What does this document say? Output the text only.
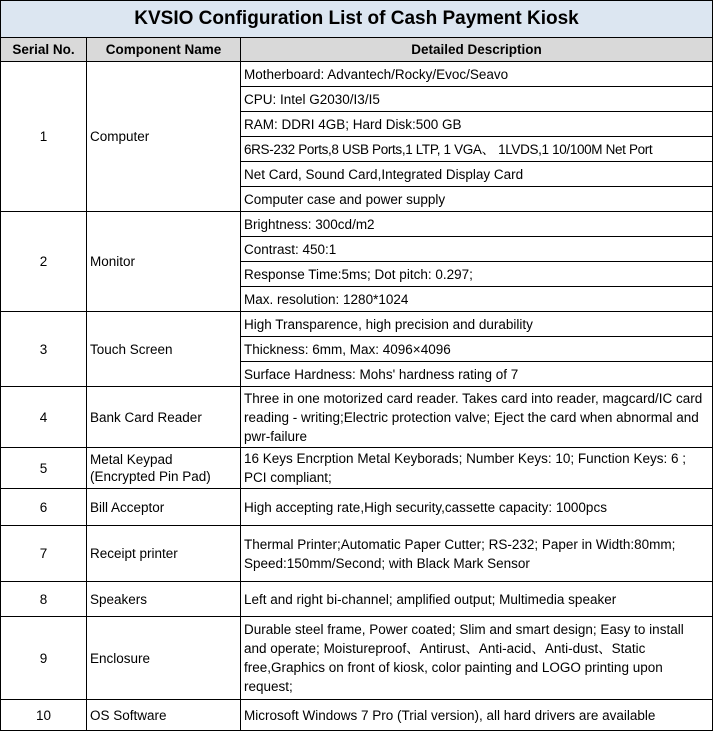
KVSIO Configuration List of Cash Payment Kiosk		
Serial No.	Component Name	Detailed Description
1	Computer	Motherboard: Advantech/Rocky/Evoc/Seavo
		CPU: Intel G2030/I3/I5
		RAM: DDRI 4GB; Hard Disk:500 GB
		6RS-232 Ports,8 USB Ports,1 LTP, 1 VGA、 1LVDS,1 10/100M Net Port
		Net Card, Sound Card,Integrated Display Card
		Computer case and power supply
2	Monitor	Brightness: 300cd/m2
		Contrast: 450:1
		Response Time:5ms; Dot pitch: 0.297;
		Max. resolution: 1280*1024
3	Touch Screen	High Transparence, high precision and durability
		Thickness: 6mm, Max: 4096×4096
		Surface Hardness: Mohs' hardness rating of 7
4	Bank Card Reader	Three in one motorized card reader. Takes card into reader, magcard/IC card reading - writing;Electric protection valve; Eject the card when abnormal and pwr-failure
5	Metal Keypad (Encrypted Pin Pad)	16 Keys Encrption Metal Keyborads; Number Keys: 10; Function Keys: 6 ; PCI compliant;
6	Bill Acceptor	High accepting rate,High security,cassette capacity: 1000pcs
7	Receipt printer	Thermal Printer;Automatic Paper Cutter; RS-232; Paper in Width:80mm; Speed:150mm/Second; with Black Mark Sensor
8	Speakers	Left and right bi-channel; amplified output; Multimedia speaker
9	Enclosure	Durable steel frame, Power coated; Slim and smart design; Easy to install and operate; Moistureproof、Antirust、Anti-acid、Anti-dust、Static free,Graphics on front of kiosk, color painting and LOGO printing upon request;
10	OS Software	Microsoft Windows 7 Pro (Trial version), all hard drivers are available
